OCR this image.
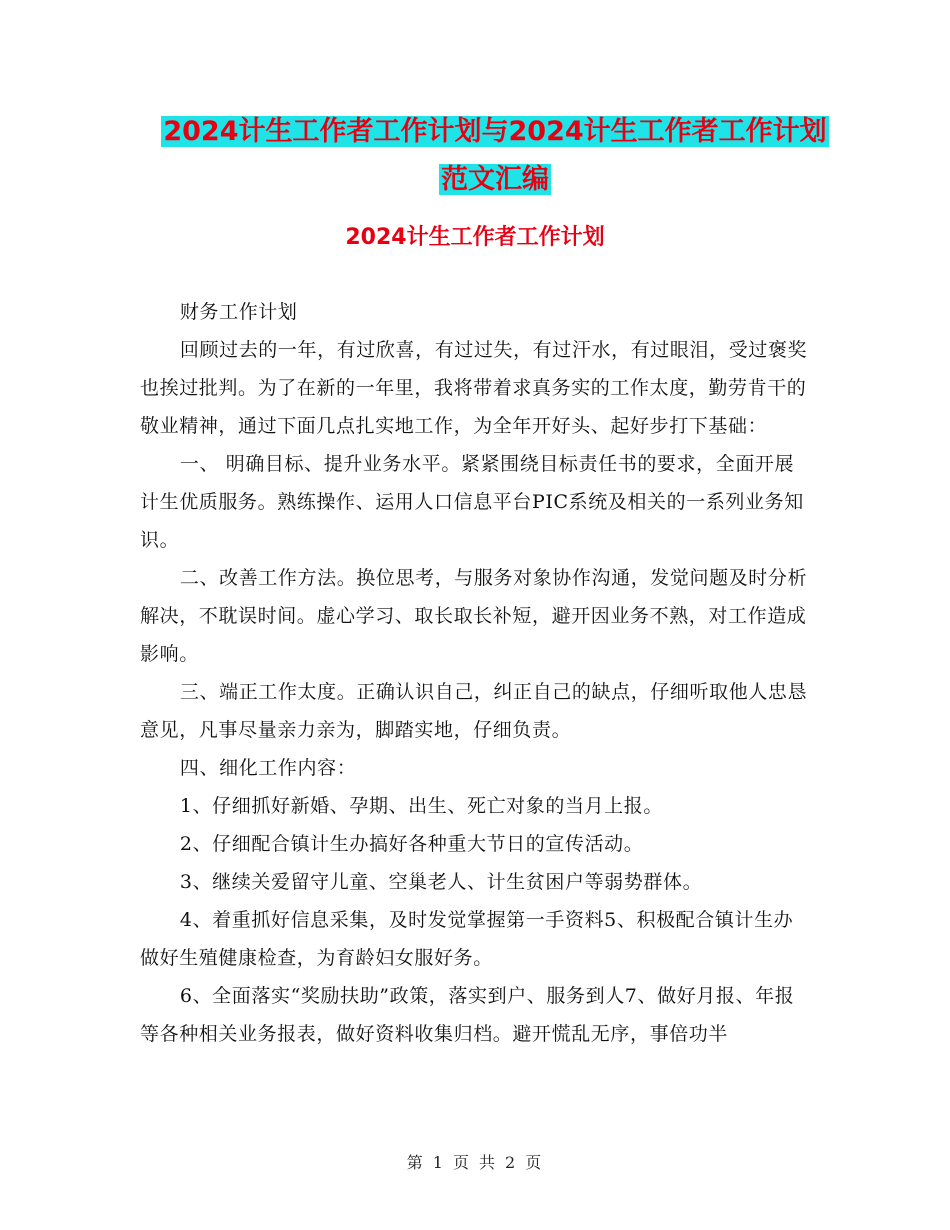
2024计生工作者工作计划与2024计生工作者工作计划
范文汇编
2024计生工作者工作计划

财务工作计划

回顾过去的一年，有过欣喜，有过过失，有过汗水，有过眼泪，受过褒奖也挨过批判。为了在新的一年里，我将带着求真务实的工作太度，勤劳肯干的敬业精神，通过下面几点扎实地工作，为全年开好头、起好步打下基础：

一、 明确目标、提升业务水平。紧紧围绕目标责任书的要求，全面开展计生优质服务。熟练操作、运用人口信息平台PIC系统及相关的一系列业务知识。

二、改善工作方法。换位思考，与服务对象协作沟通，发觉问题及时分析解决，不耽误时间。虚心学习、取长取长补短，避开因业务不熟，对工作造成影响。

三、端正工作太度。正确认识自己，纠正自己的缺点，仔细听取他人忠恳意见，凡事尽量亲力亲为，脚踏实地，仔细负责。

四、细化工作内容：

1、仔细抓好新婚、孕期、出生、死亡对象的当月上报。

2、仔细配合镇计生办搞好各种重大节日的宣传活动。

3、继续关爱留守儿童、空巢老人、计生贫困户等弱势群体。

4、着重抓好信息采集，及时发觉掌握第一手资料5、积极配合镇计生办做好生殖健康检查，为育龄妇女服好务。

6、全面落实“奖励扶助”政策，落实到户、服务到人7、做好月报、年报等各种相关业务报表，做好资料收集归档。避开慌乱无序，事倍功半

第 1 页 共 2 页
